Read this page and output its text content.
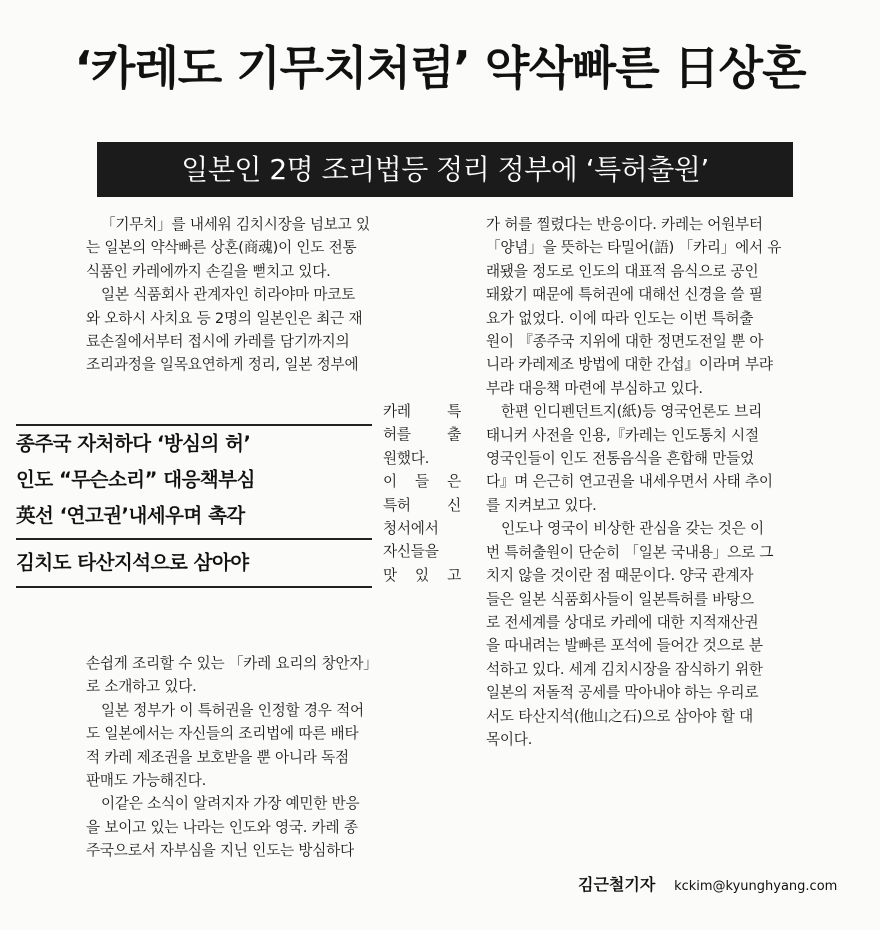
‘카레도 기무치처럼’ 약삭빠른 日상혼
일본인 2명 조리법등 정리 정부에 ‘특허출원’
「기무치」를 내세워 김치시장을 넘보고 있
는 일본의 약삭빠른 상혼(商魂)이 인도 전통
식품인 카레에까지 손길을 뻗치고 있다.
일본 식품회사 관계자인 히라야마 마코토
와 오하시 사치요 등 2명의 일본인은 최근 재
료손질에서부터 접시에 카레를 담기까지의
조리과정을 일목요연하게 정리, 일본 정부에
카레 특
허를 출
원했다.
이 들 은
특허 신
청서에서
자신들을
맛 있 고
종주국 자처하다 ‘방심의 허’
인도 “무슨소리” 대응책부심
英선 ‘연고권’내세우며 촉각
김치도 타산지석으로 삼아야
손쉽게 조리할 수 있는 「카레 요리의 창안자」
로 소개하고 있다.
일본 정부가 이 특허권을 인정할 경우 적어
도 일본에서는 자신들의 조리법에 따른 배타
적 카레 제조권을 보호받을 뿐 아니라 독점
판매도 가능해진다.
이같은 소식이 알려지자 가장 예민한 반응
을 보이고 있는 나라는 인도와 영국. 카레 종
주국으로서 자부심을 지닌 인도는 방심하다
가 허를 찔렸다는 반응이다. 카레는 어원부터
「양념」을 뜻하는 타밀어(語) 「카리」에서 유
래됐을 정도로 인도의 대표적 음식으로 공인
돼왔기 때문에 특허권에 대해선 신경을 쓸 필
요가 없었다. 이에 따라 인도는 이번 특허출
원이 『종주국 지위에 대한 정면도전일 뿐 아
니라 카레제조 방법에 대한 간섭』이라며 부랴
부랴 대응책 마련에 부심하고 있다.
한편 인디펜던트지(紙)등 영국언론도 브리
태니커 사전을 인용,『카레는 인도통치 시절
영국인들이 인도 전통음식을 흔합해 만들었
다』며 은근히 연고권을 내세우면서 사태 추이
를 지켜보고 있다.
인도나 영국이 비상한 관심을 갖는 것은 이
번 특허출원이 단순히 「일본 국내용」으로 그
치지 않을 것이란 점 때문이다. 양국 관계자
들은 일본 식품회사들이 일본특허를 바탕으
로 전세계를 상대로 카레에 대한 지적재산권
을 따내려는 발빠른 포석에 들어간 것으로 분
석하고 있다. 세계 김치시장을 잠식하기 위한
일본의 저돌적 공세를 막아내야 하는 우리로
서도 타산지석(他山之石)으로 삼아야 할 대
목이다.
김근철기자 kckim@kyunghyang.com
